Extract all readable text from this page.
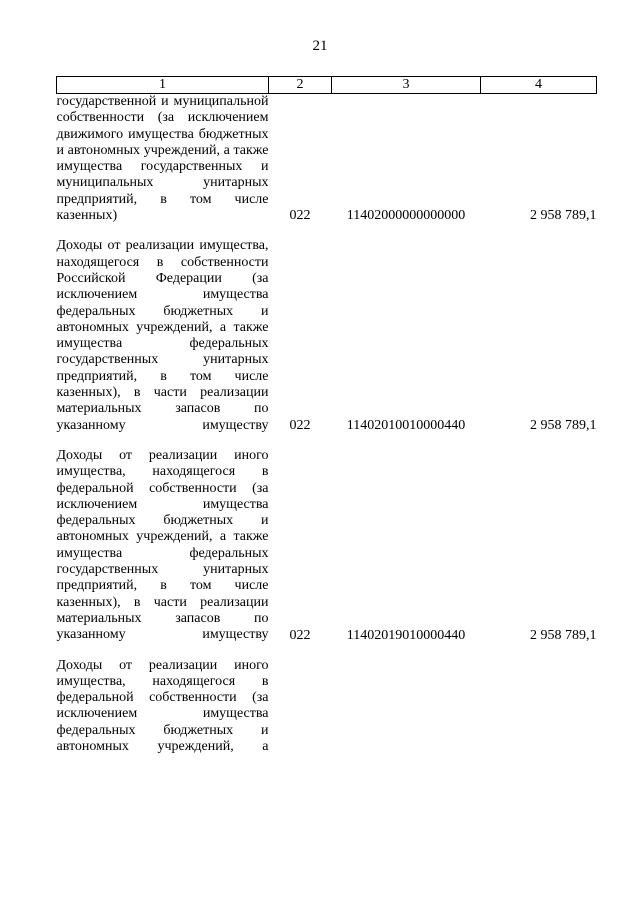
21
1	2	3	4
государственной и муниципальной собственности (за исключением движимого имущества бюджетных и автономных учреждений, а также имущества государственных и муниципальных унитарных предприятий, в том числе казенных)	022	11402000000000000	2 958 789,1

Доходы от реализации имущества, находящегося в собственности Российской Федерации (за исключением имущества федеральных бюджетных и автономных учреждений, а также имущества федеральных государственных унитарных предприятий, в том числе казенных), в части реализации материальных запасов по указанному имуществу	022	11402010010000440	2 958 789,1

Доходы от реализации иного имущества, находящегося в федеральной собственности (за исключением имущества федеральных бюджетных и автономных учреждений, а также имущества федеральных государственных унитарных предприятий, в том числе казенных), в части реализации материальных запасов по указанному имуществу	022	11402019010000440	2 958 789,1

Доходы от реализации иного имущества, находящегося в федеральной собственности (за исключением имущества федеральных бюджетных и автономных учреждений, а			
